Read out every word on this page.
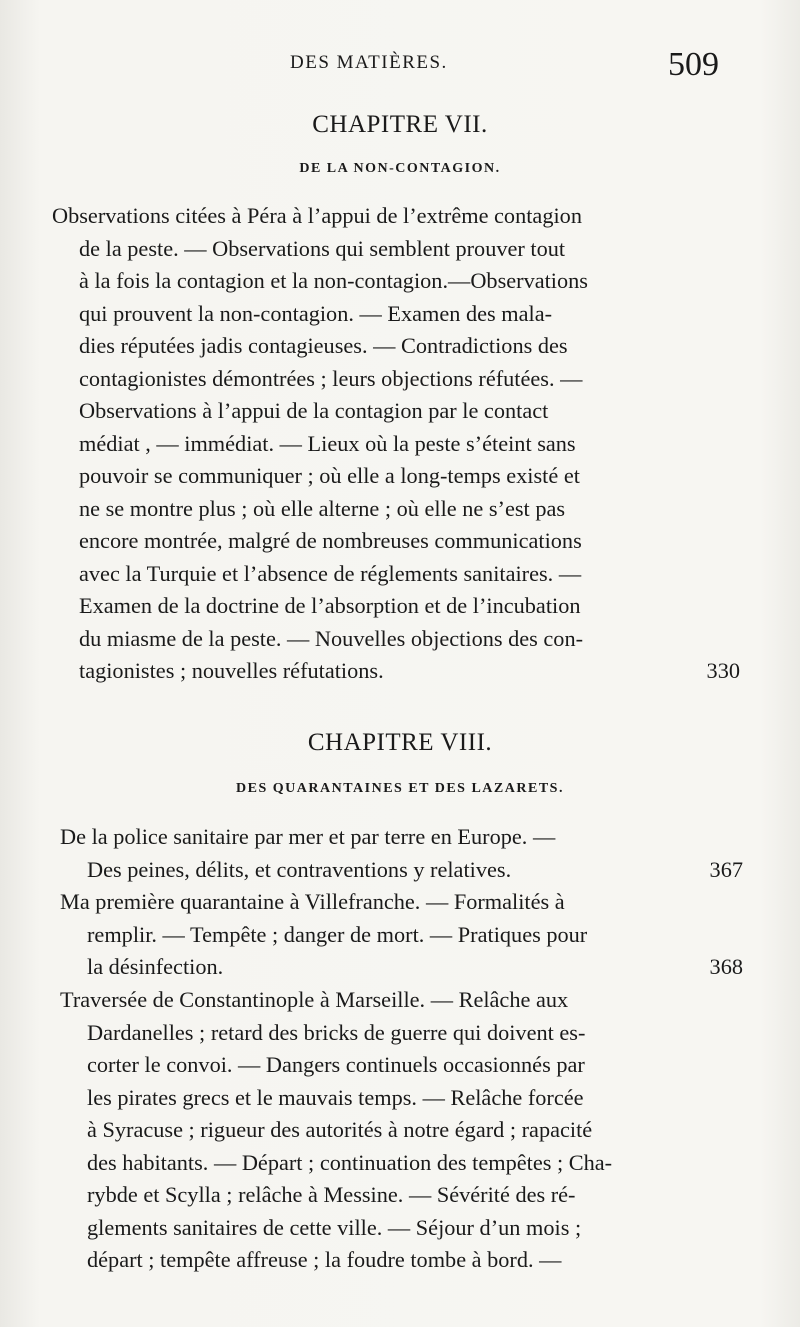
DES MATIÈRES.	509
CHAPITRE VII.
DE LA NON-CONTAGION.
Observations citées à Péra à l’appui de l’extrême contagion
de la peste. — Observations qui semblent prouver tout
à la fois la contagion et la non-contagion.—Observations
qui prouvent la non-contagion. — Examen des mala-
dies réputées jadis contagieuses. — Contradictions des
contagionistes démontrées ; leurs objections réfutées. —
Observations à l’appui de la contagion par le contact
médiat , — immédiat. — Lieux où la peste s’éteint sans
pouvoir se communiquer ; où elle a long-temps existé et
ne se montre plus ; où elle alterne ; où elle ne s’est pas
encore montrée, malgré de nombreuses communications
avec la Turquie et l’absence de réglements sanitaires. —
Examen de la doctrine de l’absorption et de l’incubation
du miasme de la peste. — Nouvelles objections des con-
tagionistes ; nouvelles réfutations.	330
CHAPITRE VIII.
DES QUARANTAINES ET DES LAZARETS.
De la police sanitaire par mer et par terre en Europe. —
Des peines, délits, et contraventions y relatives.	367
Ma première quarantaine à Villefranche. — Formalités à
remplir. — Tempête ; danger de mort. — Pratiques pour
la désinfection.	368
Traversée de Constantinople à Marseille. — Relâche aux
Dardanelles ; retard des bricks de guerre qui doivent es-
corter le convoi. — Dangers continuels occasionnés par
les pirates grecs et le mauvais temps. — Relâche forcée
à Syracuse ; rigueur des autorités à notre égard ; rapacité
des habitants. — Départ ; continuation des tempêtes ; Cha-
rybde et Scylla ; relâche à Messine. — Sévérité des ré-
glements sanitaires de cette ville. — Séjour d’un mois ;
départ ; tempête affreuse ; la foudre tombe à bord. —
